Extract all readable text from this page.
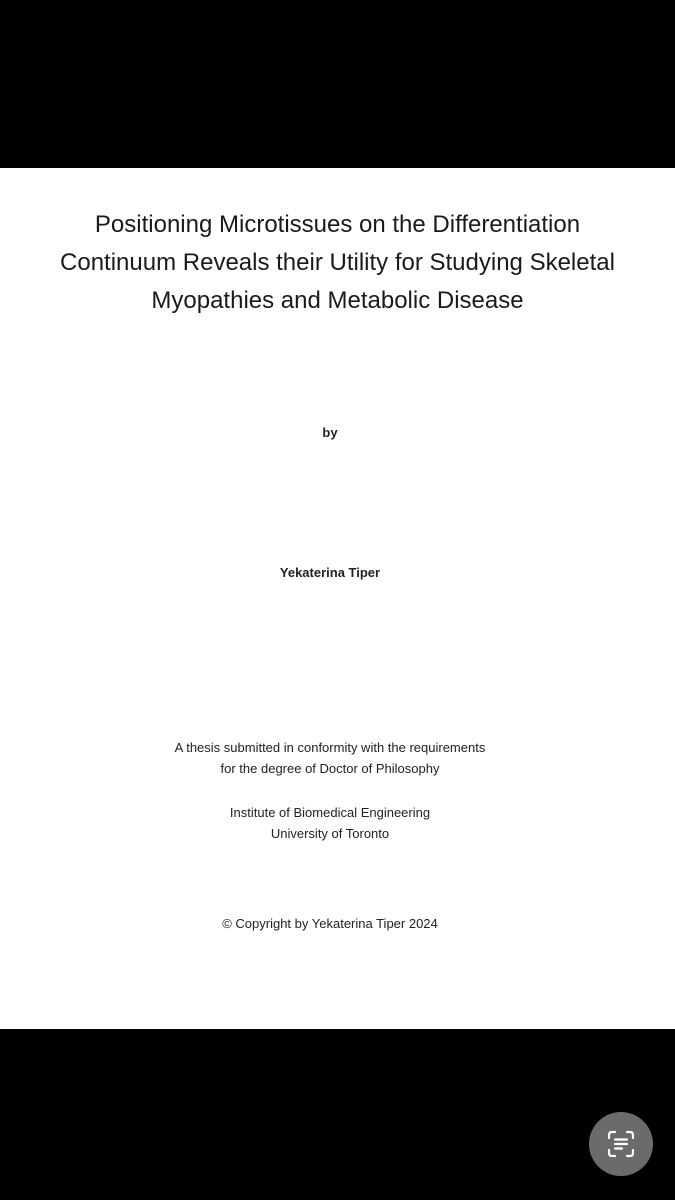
Positioning Microtissues on the Differentiation
Continuum Reveals their Utility for Studying Skeletal
Myopathies and Metabolic Disease
by
Yekaterina Tiper
A thesis submitted in conformity with the requirements
for the degree of Doctor of Philosophy
Institute of Biomedical Engineering
University of Toronto
© Copyright by Yekaterina Tiper 2024
